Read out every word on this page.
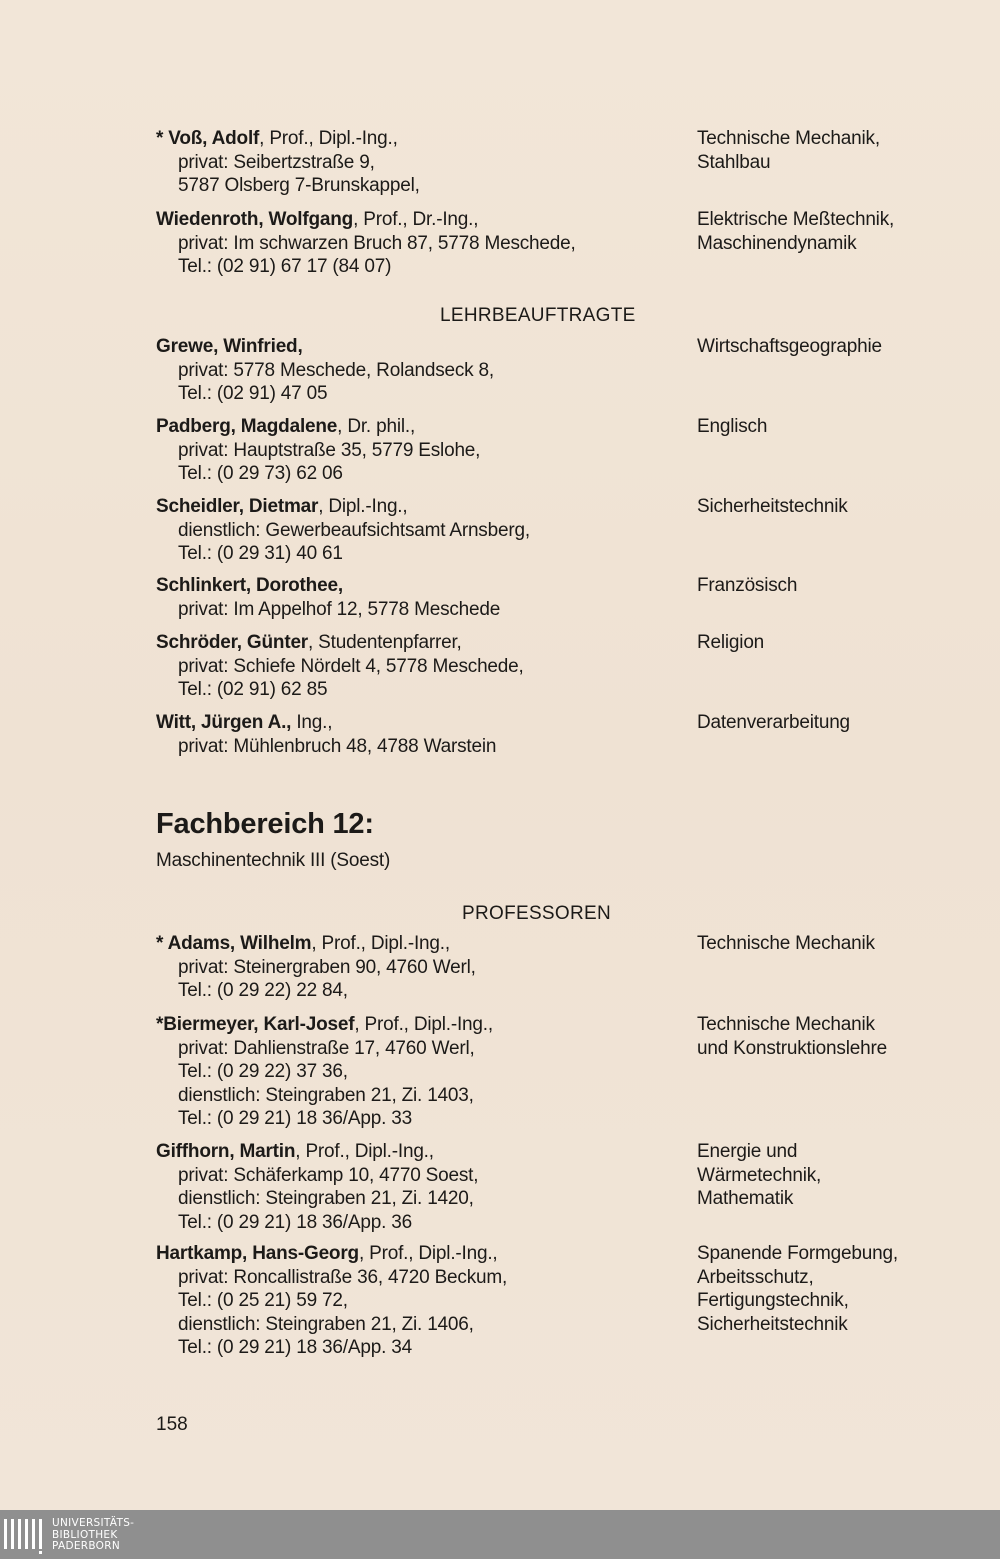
* Voß, Adolf, Prof., Dipl.-Ing.,
privat: Seibertzstraße 9,
5787 Olsberg 7-Brunskappel,
Technische Mechanik,
Stahlbau
Wiedenroth, Wolfgang, Prof., Dr.-Ing.,
privat: Im schwarzen Bruch 87, 5778 Meschede,
Tel.: (02 91) 67 17 (84 07)
Elektrische Meßtechnik,
Maschinendynamik
LEHRBEAUFTRAGTE
Grewe, Winfried,
privat: 5778 Meschede, Rolandseck 8,
Tel.: (02 91) 47 05
Wirtschaftsgeographie
Padberg, Magdalene, Dr. phil.,
privat: Hauptstraße 35, 5779 Eslohe,
Tel.: (0 29 73) 62 06
Englisch
Scheidler, Dietmar, Dipl.-Ing.,
dienstlich: Gewerbeaufsichtsamt Arnsberg,
Tel.: (0 29 31) 40 61
Sicherheitstechnik
Schlinkert, Dorothee,
privat: Im Appelhof 12, 5778 Meschede
Französisch
Schröder, Günter, Studentenpfarrer,
privat: Schiefe Nördelt 4, 5778 Meschede,
Tel.: (02 91) 62 85
Religion
Witt, Jürgen A., Ing.,
privat: Mühlenbruch 48, 4788 Warstein
Datenverarbeitung
Fachbereich 12:
Maschinentechnik III (Soest)
PROFESSOREN
* Adams, Wilhelm, Prof., Dipl.-Ing.,
privat: Steinergraben 90, 4760 Werl,
Tel.: (0 29 22) 22 84,
Technische Mechanik
*Biermeyer, Karl-Josef, Prof., Dipl.-Ing.,
privat: Dahlienstraße 17, 4760 Werl,
Tel.: (0 29 22) 37 36,
dienstlich: Steingraben 21, Zi. 1403,
Tel.: (0 29 21) 18 36/App. 33
Technische Mechanik
und Konstruktionslehre
Giffhorn, Martin, Prof., Dipl.-Ing.,
privat: Schäferkamp 10, 4770 Soest,
dienstlich: Steingraben 21, Zi. 1420,
Tel.: (0 29 21) 18 36/App. 36
Energie und
Wärmetechnik,
Mathematik
Hartkamp, Hans-Georg, Prof., Dipl.-Ing.,
privat: Roncallistraße 36, 4720 Beckum,
Tel.: (0 25 21) 59 72,
dienstlich: Steingraben 21, Zi. 1406,
Tel.: (0 29 21) 18 36/App. 34
Spanende Formgebung,
Arbeitsschutz,
Fertigungstechnik,
Sicherheitstechnik
158
UNIVERSITÄTS-
BIBLIOTHEK
PADERBORN
